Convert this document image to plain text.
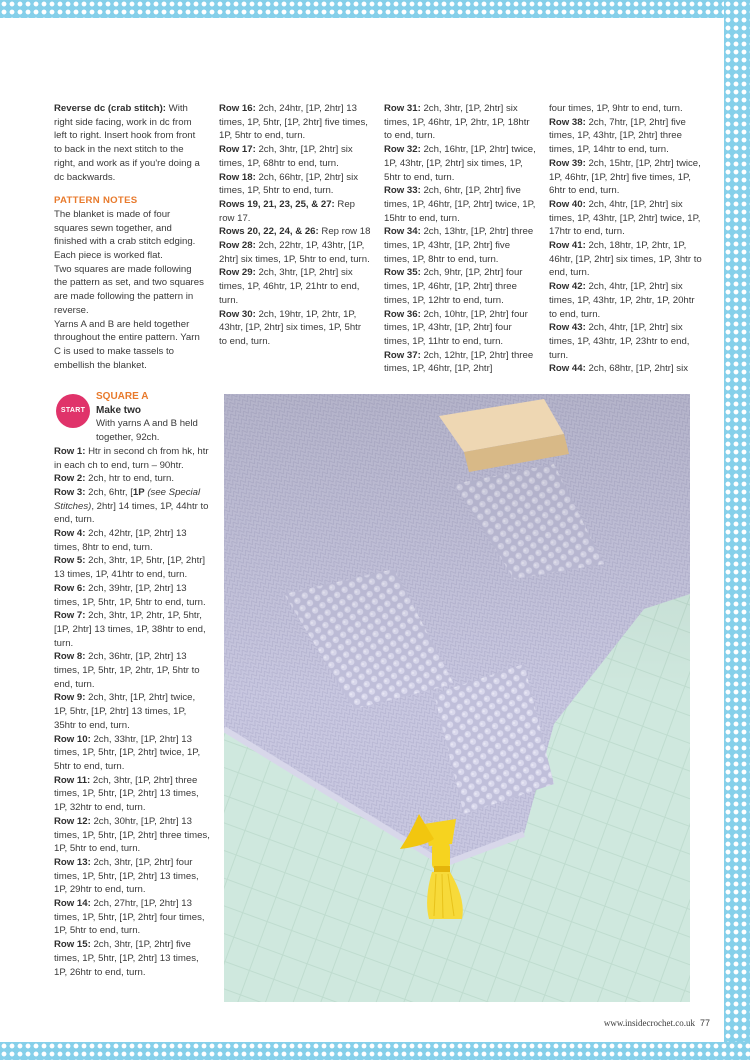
Reverse dc (crab stitch): With right side facing, work in dc from left to right. Insert hook from front to back in the next stitch to the right, and work as if you're doing a dc backwards.

PATTERN NOTES

The blanket is made of four squares sewn together, and finished with a crab stitch edging. Each piece is worked flat.

Two squares are made following the pattern as set, and two squares are made following the pattern in reverse.

Yarns A and B are held together throughout the entire pattern. Yarn C is used to make tassels to embellish the blanket.

START
SQUARE A
Make two
With yarns A and B held together, 92ch.

Row 1: Htr in second ch from hk, htr in each ch to end, turn – 90htr.

Row 2: 2ch, htr to end, turn.

Row 3: 2ch, 6htr, [1P (see Special Stitches), 2htr] 14 times, 1P, 44htr to end, turn.

Row 4: 2ch, 42htr, [1P, 2htr] 13 times, 8htr to end, turn.

Row 5: 2ch, 3htr, 1P, 5htr, [1P, 2htr] 13 times, 1P, 41htr to end, turn.

Row 6: 2ch, 39htr, [1P, 2htr] 13 times, 1P, 5htr, 1P, 5htr to end, turn.

Row 7: 2ch, 3htr, 1P, 2htr, 1P, 5htr, [1P, 2htr] 13 times, 1P, 38htr to end, turn.

Row 8: 2ch, 36htr, [1P, 2htr] 13 times, 1P, 5htr, 1P, 2htr, 1P, 5htr to end, turn.

Row 9: 2ch, 3htr, [1P, 2htr] twice, 1P, 5htr, [1P, 2htr] 13 times, 1P, 35htr to end, turn.

Row 10: 2ch, 33htr, [1P, 2htr] 13 times, 1P, 5htr, [1P, 2htr] twice, 1P, 5htr to end, turn.

Row 11: 2ch, 3htr, [1P, 2htr] three times, 1P, 5htr, [1P, 2htr] 13 times, 1P, 32htr to end, turn.

Row 12: 2ch, 30htr, [1P, 2htr] 13 times, 1P, 5htr, [1P, 2htr] three times, 1P, 5htr to end, turn.

Row 13: 2ch, 3htr, [1P, 2htr] four times, 1P, 5htr, [1P, 2htr] 13 times, 1P, 29htr to end, turn.

Row 14: 2ch, 27htr, [1P, 2htr] 13 times, 1P, 5htr, [1P, 2htr] four times, 1P, 5htr to end, turn.

Row 15: 2ch, 3htr, [1P, 2htr] five times, 1P, 5htr, [1P, 2htr] 13 times, 1P, 26htr to end, turn.

Row 16: 2ch, 24htr, [1P, 2htr] 13 times, 1P, 5htr, [1P, 2htr] five times, 1P, 5htr to end, turn.

Row 17: 2ch, 3htr, [1P, 2htr] six times, 1P, 68htr to end, turn.

Row 18: 2ch, 66htr, [1P, 2htr] six times, 1P, 5htr to end, turn.

Rows 19, 21, 23, 25, & 27: Rep row 17.

Rows 20, 22, 24, & 26: Rep row 18

Row 28: 2ch, 22htr, 1P, 43htr, [1P, 2htr] six times, 1P, 5htr to end, turn.

Row 29: 2ch, 3htr, [1P, 2htr] six times, 1P, 46htr, 1P, 21htr to end, turn.

Row 30: 2ch, 19htr, 1P, 2htr, 1P, 43htr, [1P, 2htr] six times, 1P, 5htr to end, turn.

Row 31: 2ch, 3htr, [1P, 2htr] six times, 1P, 46htr, 1P, 2htr, 1P, 18htr to end, turn.

Row 32: 2ch, 16htr, [1P, 2htr] twice, 1P, 43htr, [1P, 2htr] six times, 1P, 5htr to end, turn.

Row 33: 2ch, 6htr, [1P, 2htr] five times, 1P, 46htr, [1P, 2htr] twice, 1P, 15htr to end, turn.

Row 34: 2ch, 13htr, [1P, 2htr] three times, 1P, 43htr, [1P, 2htr] five times, 1P, 8htr to end, turn.

Row 35: 2ch, 9htr, [1P, 2htr] four times, 1P, 46htr, [1P, 2htr] three times, 1P, 12htr to end, turn.

Row 36: 2ch, 10htr, [1P, 2htr] four times, 1P, 43htr, [1P, 2htr] four times, 1P, 11htr to end, turn.

Row 37: 2ch, 12htr, [1P, 2htr] three times, 1P, 46htr, [1P, 2htr]

four times, 1P, 9htr to end, turn.

Row 38: 2ch, 7htr, [1P, 2htr] five times, 1P, 43htr, [1P, 2htr] three times, 1P, 14htr to end, turn.

Row 39: 2ch, 15htr, [1P, 2htr] twice, 1P, 46htr, [1P, 2htr] five times, 1P, 6htr to end, turn.

Row 40: 2ch, 4htr, [1P, 2htr] six times, 1P, 43htr, [1P, 2htr] twice, 1P, 17htr to end, turn.

Row 41: 2ch, 18htr, 1P, 2htr, 1P, 46htr, [1P, 2htr] six times, 1P, 3htr to end, turn.

Row 42: 2ch, 4htr, [1P, 2htr] six times, 1P, 43htr, 1P, 2htr, 1P, 20htr to end, turn.

Row 43: 2ch, 4htr, [1P, 2htr] six times, 1P, 43htr, 1P, 23htr to end, turn.

Row 44: 2ch, 68htr, [1P, 2htr] six

www.insidecrochet.co.uk 77
